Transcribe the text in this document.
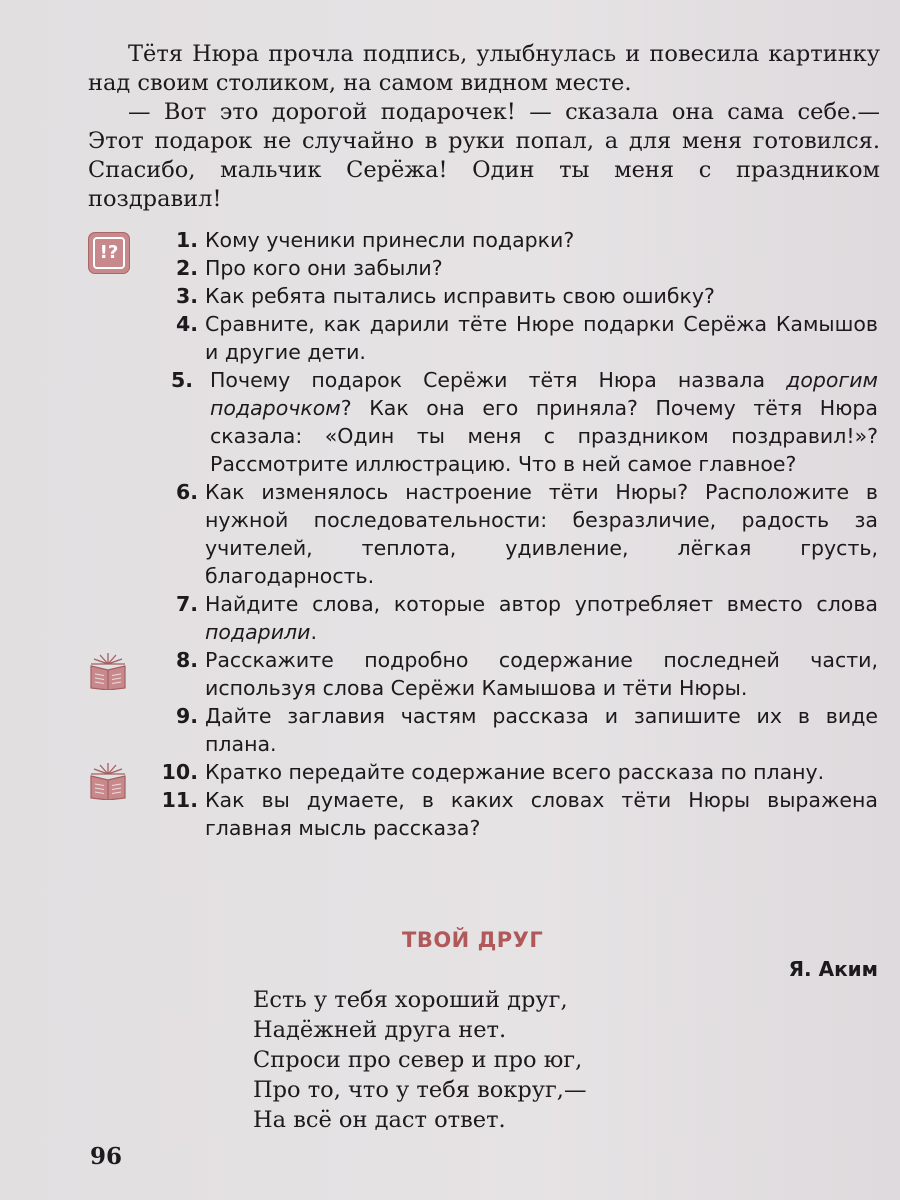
Тётя Нюра прочла подпись, улыбнулась и повесила картинку над своим столиком, на самом видном месте.

— Вот это дорогой подарочек! — сказала она сама себе.— Этот подарок не случайно в руки попал, а для меня готовился. Спасибо, мальчик Серёжа! Один ты меня с праздником поздравил!

!?
1. Кому ученики принесли подарки?
2. Про кого они забыли?
3. Как ребята пытались исправить свою ошибку?
4. Сравните, как дарили тёте Нюре подарки Серёжа Камышов и другие дети.
5. Почему подарок Серёжи тётя Нюра назвала дорогим подарочком? Как она его приняла? Почему тётя Нюра сказала: «Один ты меня с праздником поздравил!»? Рассмотрите иллюстрацию. Что в ней самое главное?
6. Как изменялось настроение тёти Нюры? Расположите в нужной последовательности: безразличие, радость за учителей, теплота, удивление, лёгкая грусть, благодарность.
7. Найдите слова, которые автор употребляет вместо слова подарили.
8. Расскажите подробно содержание последней части, используя слова Серёжи Камышова и тёти Нюры.
9. Дайте заглавия частям рассказа и запишите их в виде плана.
10. Кратко передайте содержание всего рассказа по плану.
11. Как вы думаете, в каких словах тёти Нюры выражена главная мысль рассказа?
ТВОЙ ДРУГ
Я. Аким
Есть у тебя хороший друг,
Надёжней друга нет.
Спроси про север и про юг,
Про то, что у тебя вокруг,—
На всё он даст ответ.
96
